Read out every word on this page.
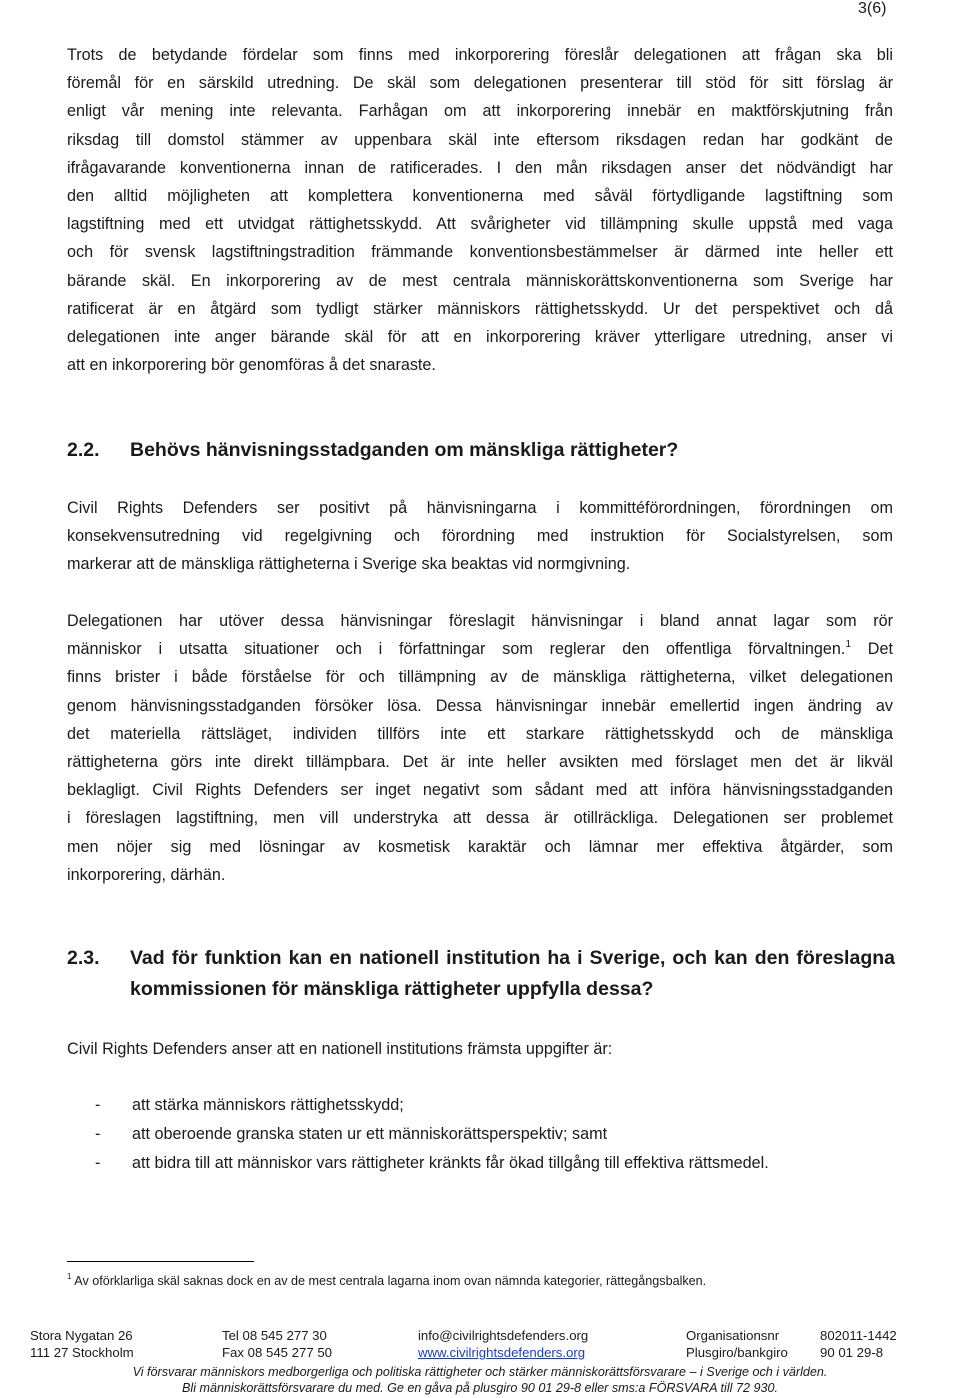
3(6)
Trots de betydande fördelar som finns med inkorporering föreslår delegationen att frågan ska bli
föremål för en särskild utredning. De skäl som delegationen presenterar till stöd för sitt förslag är
enligt vår mening inte relevanta. Farhågan om att inkorporering innebär en maktförskjutning från
riksdag till domstol stämmer av uppenbara skäl inte eftersom riksdagen redan har godkänt de
ifrågavarande konventionerna innan de ratificerades. I den mån riksdagen anser det nödvändigt har
den alltid möjligheten att komplettera konventionerna med såväl förtydligande lagstiftning som
lagstiftning med ett utvidgat rättighetsskydd. Att svårigheter vid tillämpning skulle uppstå med vaga
och för svensk lagstiftningstradition främmande konventionsbestämmelser är därmed inte heller ett
bärande skäl. En inkorporering av de mest centrala människorättskonventionerna som Sverige har
ratificerat är en åtgärd som tydligt stärker människors rättighetsskydd. Ur det perspektivet och då
delegationen inte anger bärande skäl för att en inkorporering kräver ytterligare utredning, anser vi
att en inkorporering bör genomföras å det snaraste.
2.2. Behövs hänvisningsstadganden om mänskliga rättigheter?
Civil Rights Defenders ser positivt på hänvisningarna i kommittéförordningen, förordningen om
konsekvensutredning vid regelgivning och förordning med instruktion för Socialstyrelsen, som
markerar att de mänskliga rättigheterna i Sverige ska beaktas vid normgivning.
Delegationen har utöver dessa hänvisningar föreslagit hänvisningar i bland annat lagar som rör
människor i utsatta situationer och i författningar som reglerar den offentliga förvaltningen.$^1$ Det
finns brister i både förståelse för och tillämpning av de mänskliga rättigheterna, vilket delegationen
genom hänvisningsstadganden försöker lösa. Dessa hänvisningar innebär emellertid ingen ändring av
det materiella rättsläget, individen tillförs inte ett starkare rättighetsskydd och de mänskliga
rättigheterna görs inte direkt tillämpbara. Det är inte heller avsikten med förslaget men det är likväl
beklagligt. Civil Rights Defenders ser inget negativt som sådant med att införa hänvisningsstadganden
i föreslagen lagstiftning, men vill understryka att dessa är otillräckliga. Delegationen ser problemet
men nöjer sig med lösningar av kosmetisk karaktär och lämnar mer effektiva åtgärder, som
inkorporering, därhän.
2.3. Vad för funktion kan en nationell institution ha i Sverige, och kan den föreslagna
kommissionen för mänskliga rättigheter uppfylla dessa?
Civil Rights Defenders anser att en nationell institutions främsta uppgifter är:
- att stärka människors rättighetsskydd;
- att oberoende granska staten ur ett människorättsperspektiv; samt
- att bidra till att människor vars rättigheter kränkts får ökad tillgång till effektiva rättsmedel.
$^1$ Av oförklarliga skäl saknas dock en av de mest centrala lagarna inom ovan nämnda kategorier, rättegångsbalken.
Stora Nygatan 26
111 27 Stockholm
Tel 08 545 277 30
Fax 08 545 277 50
info@civilrightsdefenders.org
www.civilrightsdefenders.org
Organisationsnr
Plusgiro/bankgiro
802011-1442
90 01 29-8
Vi försvarar människors medborgerliga och politiska rättigheter och stärker människorättsförsvarare – i Sverige och i världen.
Bli människorättsförsvarare du med. Ge en gåva på plusgiro 90 01 29-8 eller sms:a FÖRSVARA till 72 930.
